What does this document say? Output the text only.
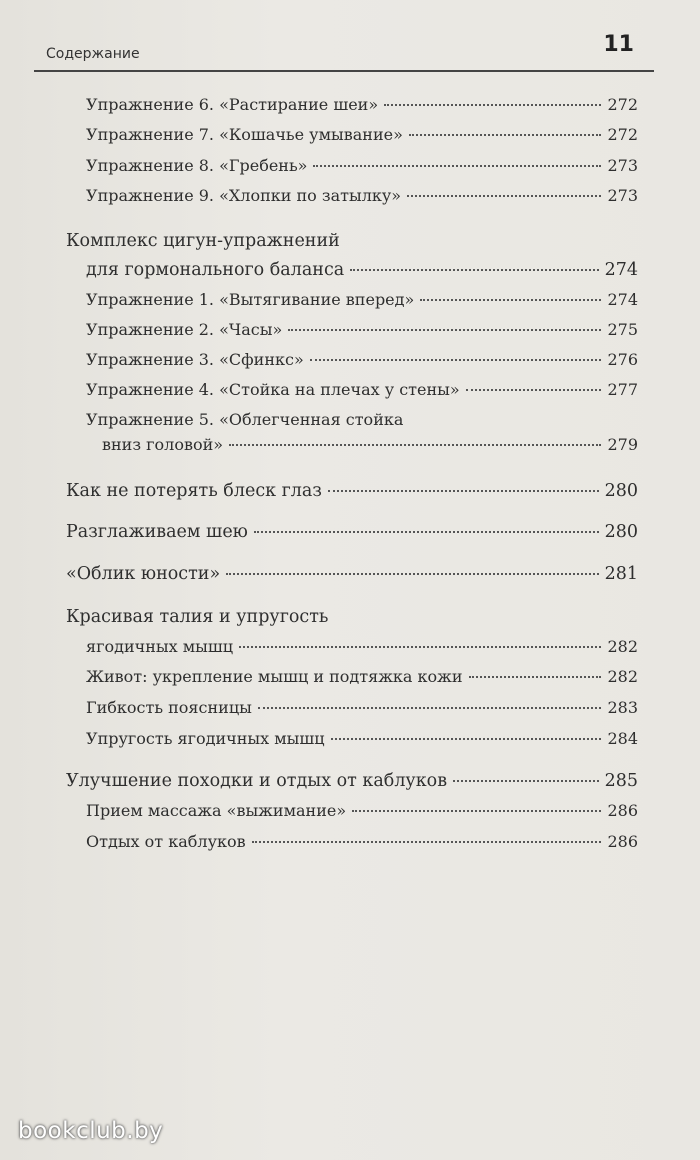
Содержание	11
Упражнение 6. «Растирание шеи»	272
Упражнение 7. «Кошачье умывание»	272
Упражнение 8. «Гребень»	273
Упражнение 9. «Хлопки по затылку»	273
Комплекс цигун-упражнений
для гормонального баланса	274
Упражнение 1. «Вытягивание вперед»	274
Упражнение 2. «Часы»	275
Упражнение 3. «Сфинкс»	276
Упражнение 4. «Стойка на плечах у стены»	277
Упражнение 5. «Облегченная стойка
вниз головой»	279
Как не потерять блеск глаз	280
Разглаживаем шею	280
«Облик юности»	281
Красивая талия и упругость
ягодичных мышц	282
Живот: укрепление мышц и подтяжка кожи	282
Гибкость поясницы	283
Упругость ягодичных мышц	284
Улучшение походки и отдых от каблуков	285
Прием массажа «выжимание»	286
Отдых от каблуков	286
bookclub.by
